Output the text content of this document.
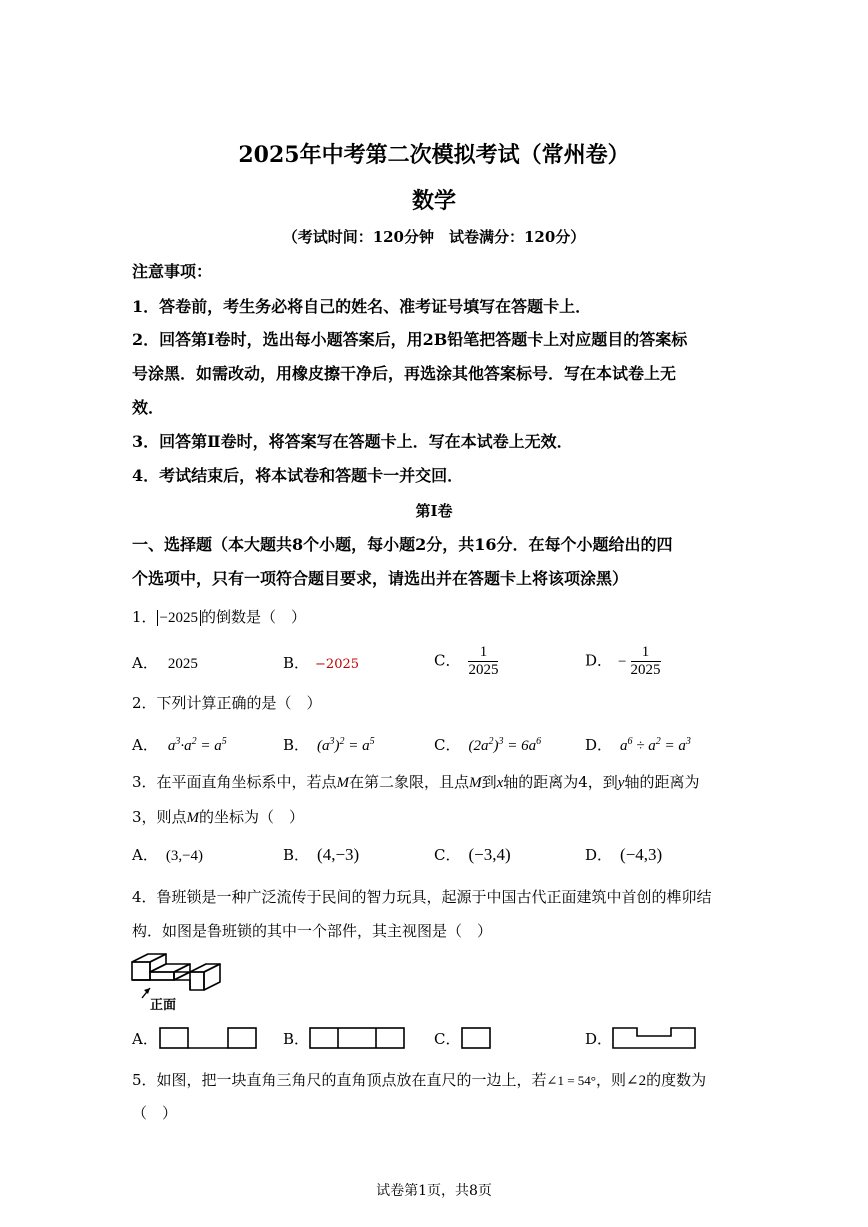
2025年中考第二次模拟考试（常州卷）
数学
（考试时间：120分钟　试卷满分：120分）
注意事项：
1．答卷前，考生务必将自己的姓名、准考证号填写在答题卡上．
2．回答第Ⅰ卷时，选出每小题答案后，用2B铅笔把答题卡上对应题目的答案标
号涂黑．如需改动，用橡皮擦干净后，再选涂其他答案标号．写在本试卷上无
效．
3．回答第Ⅱ卷时，将答案写在答题卡上．写在本试卷上无效．
4．考试结束后，将本试卷和答题卡一并交回．
第Ⅰ卷
一、选择题（本大题共8个小题，每小题2分，共16分．在每个小题给出的四
个选项中，只有一项符合题目要求，请选出并在答题卡上将该项涂黑）
1． −2025 的倒数是（　）
A． 2025	B． −2025	C． $\frac{1}{2025}$	D． − $\frac{1}{2025}$
2．下列计算正确的是（　）
A． $a^3\cdot a^2 = a^5$	B． $(a^3)^2 = a^5$	C． $(2a^2)^3 = 6a^6$	D． $a^6 \div a^2 = a^3$
3．在平面直角坐标系中，若点M在第二象限，且点M到x轴的距离为4，到y轴的距离为
3，则点M的坐标为（　）
A． (3,−4)	B． (4,−3)	C． (−3,4)	D． (−4,3)
4．鲁班锁是一种广泛流传于民间的智力玩具，起源于中国古代正面建筑中首创的榫卯结
构．如图是鲁班锁的其中一个部件，其主视图是（　）
正面
A．	B．	C．	D．
5．如图，把一块直角三角尺的直角顶点放在直尺的一边上，若∠1 = 54°，则∠2的度数为
（　）
试卷第1页，共8页
